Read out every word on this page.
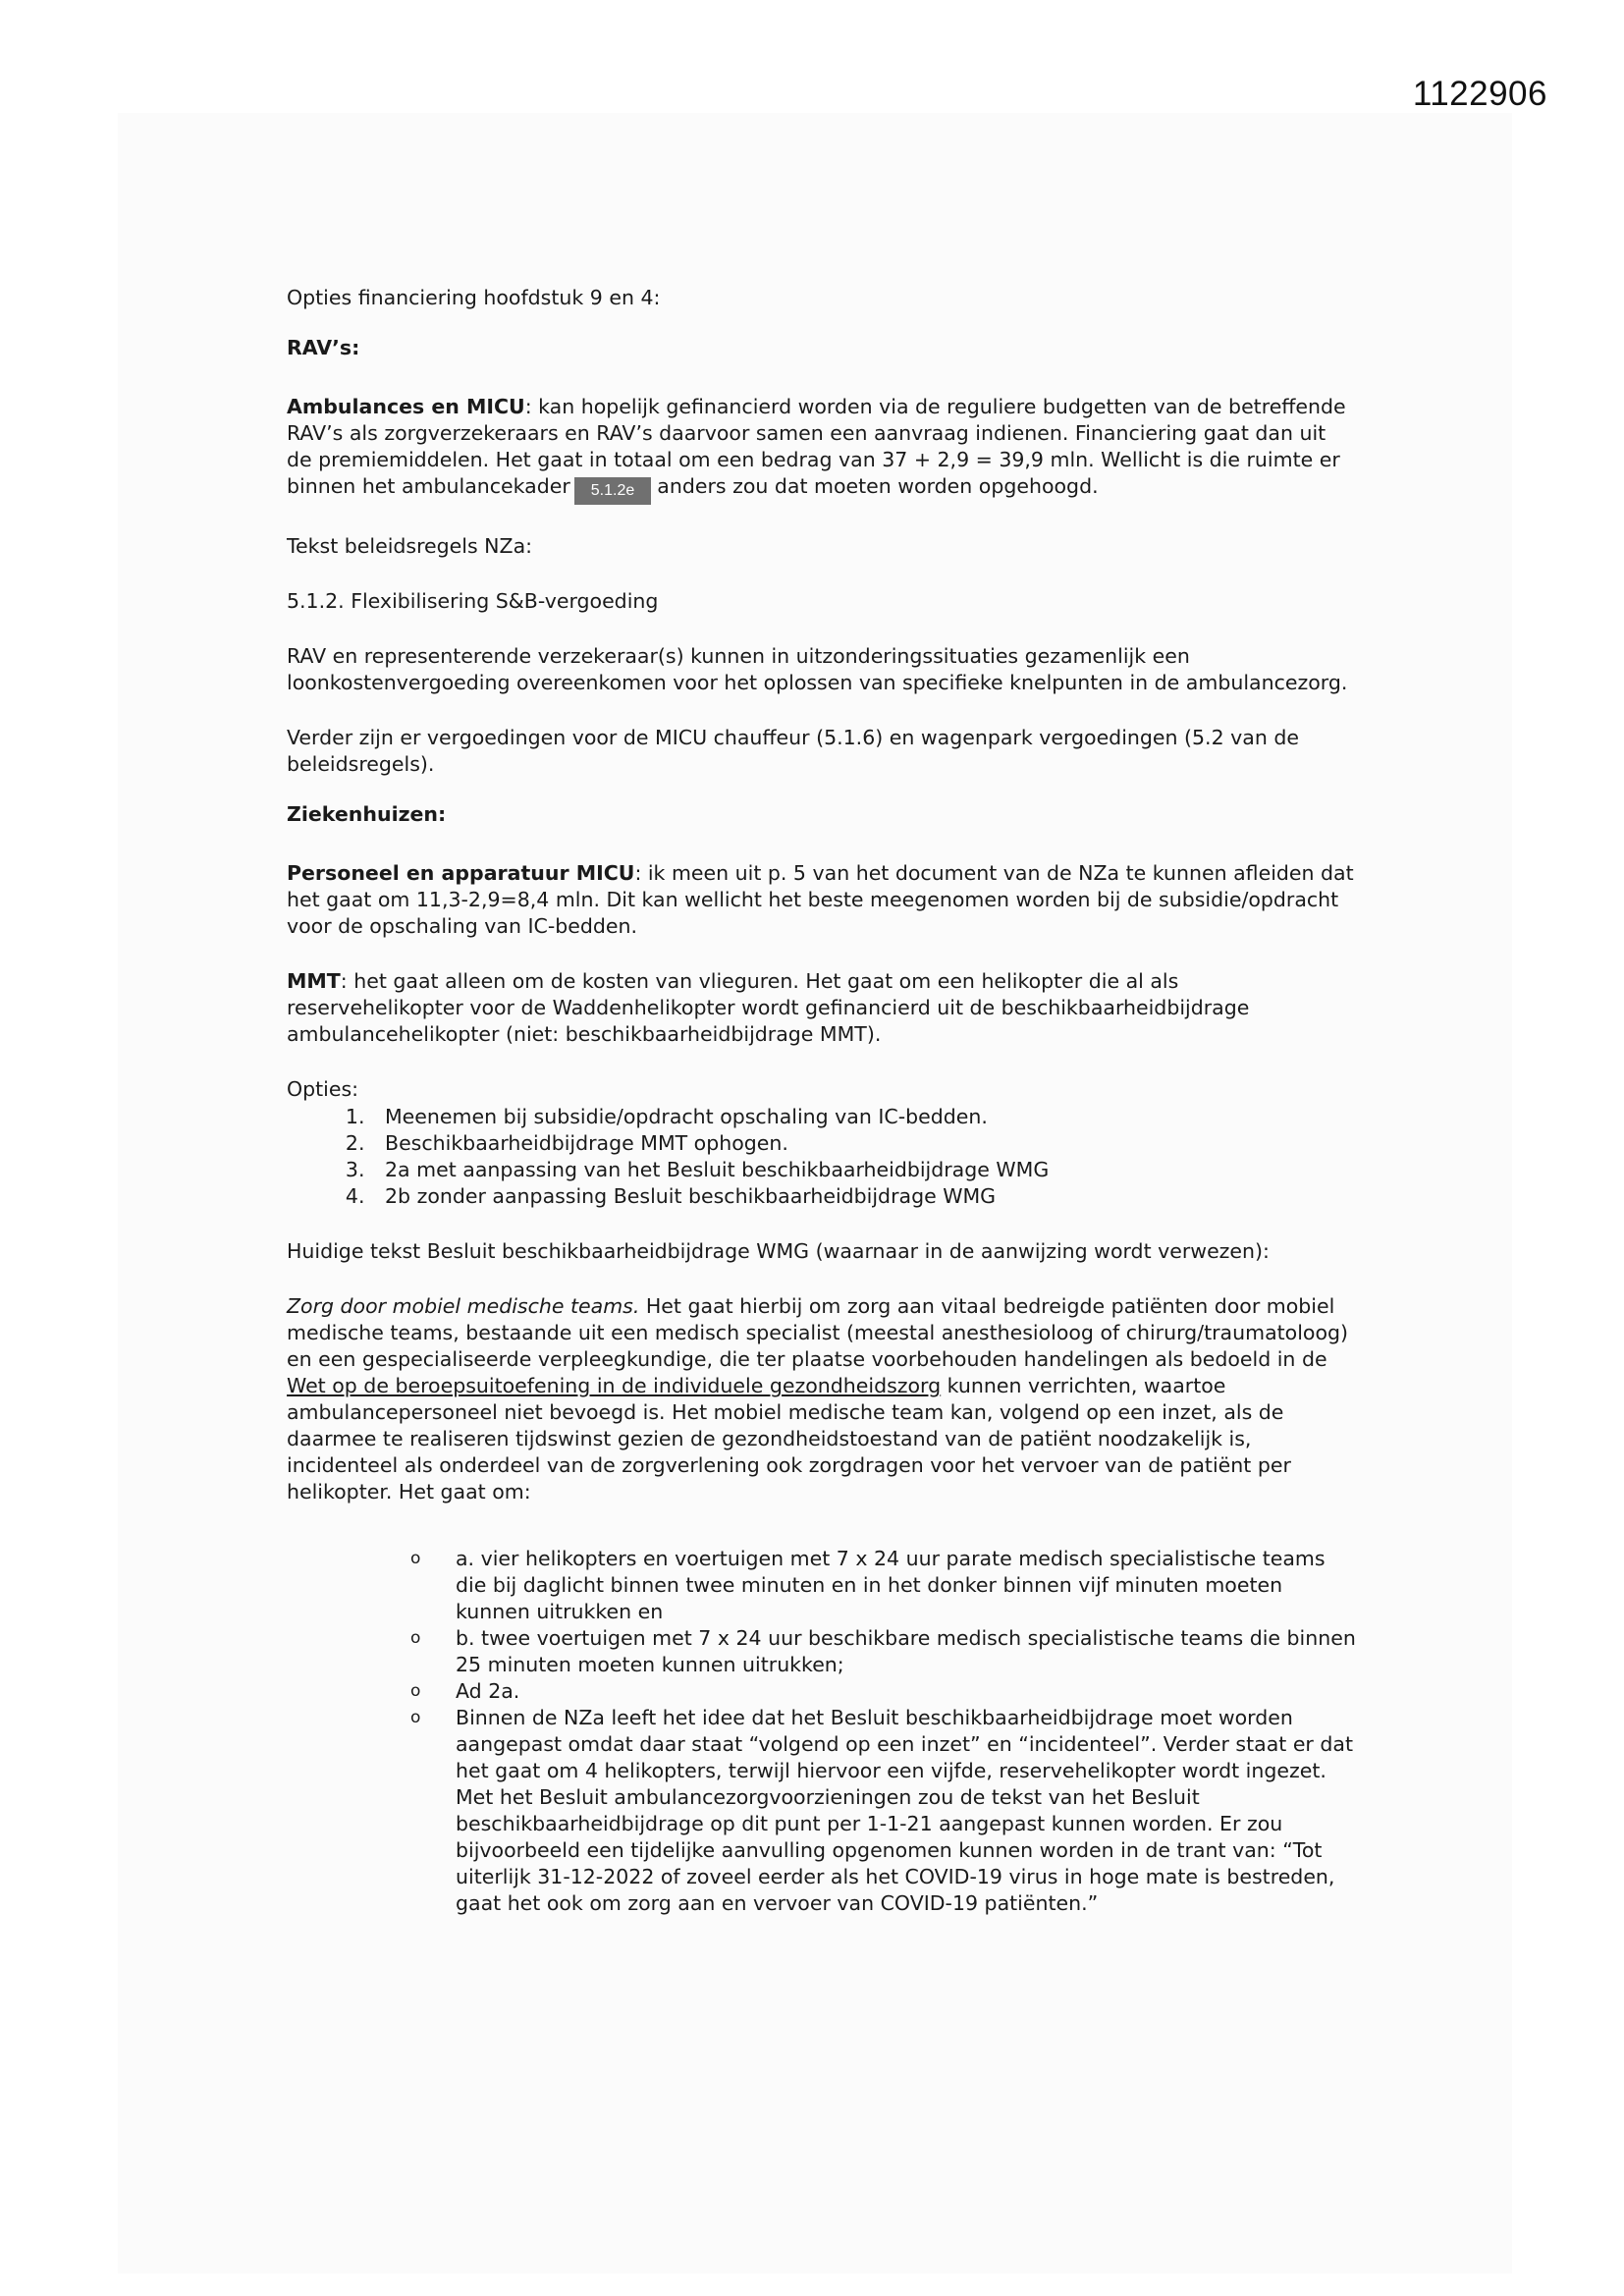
1122906

Opties financiering hoofdstuk 9 en 4:

RAV’s:

Ambulances en MICU: kan hopelijk gefinancierd worden via de reguliere budgetten van de betreffende RAV’s als zorgverzekeraars en RAV’s daarvoor samen een aanvraag indienen. Financiering gaat dan uit de premiemiddelen. Het gaat in totaal om een bedrag van 37 + 2,9 = 39,9 mln. Wellicht is die ruimte er binnen het ambulancekader 5.1.2e anders zou dat moeten worden opgehoogd.

Tekst beleidsregels NZa:

5.1.2. Flexibilisering S&B-vergoeding

RAV en representerende verzekeraar(s) kunnen in uitzonderingssituaties gezamenlijk een loonkostenvergoeding overeenkomen voor het oplossen van specifieke knelpunten in de ambulancezorg.

Verder zijn er vergoedingen voor de MICU chauffeur (5.1.6) en wagenpark vergoedingen (5.2 van de beleidsregels).

Ziekenhuizen:

Personeel en apparatuur MICU: ik meen uit p. 5 van het document van de NZa te kunnen afleiden dat het gaat om 11,3-2,9=8,4 mln. Dit kan wellicht het beste meegenomen worden bij de subsidie/opdracht voor de opschaling van IC-bedden.

MMT: het gaat alleen om de kosten van vlieguren. Het gaat om een helikopter die al als reservehelikopter voor de Waddenhelikopter wordt gefinancierd uit de beschikbaarheidbijdrage ambulancehelikopter (niet: beschikbaarheidbijdrage MMT).

Opties:

1. Meenemen bij subsidie/opdracht opschaling van IC-bedden.
2. Beschikbaarheidbijdrage MMT ophogen.
3. 2a met aanpassing van het Besluit beschikbaarheidbijdrage WMG
4. 2b zonder aanpassing Besluit beschikbaarheidbijdrage WMG

Huidige tekst Besluit beschikbaarheidbijdrage WMG (waarnaar in de aanwijzing wordt verwezen):

Zorg door mobiel medische teams. Het gaat hierbij om zorg aan vitaal bedreigde patiënten door mobiel medische teams, bestaande uit een medisch specialist (meestal anesthesioloog of chirurg/traumatoloog) en een gespecialiseerde verpleegkundige, die ter plaatse voorbehouden handelingen als bedoeld in de Wet op de beroepsuitoefening in de individuele gezondheidszorg kunnen verrichten, waartoe ambulancepersoneel niet bevoegd is. Het mobiel medische team kan, volgend op een inzet, als de daarmee te realiseren tijdswinst gezien de gezondheidstoestand van de patiënt noodzakelijk is, incidenteel als onderdeel van de zorgverlening ook zorgdragen voor het vervoer van de patiënt per helikopter. Het gaat om:

o a. vier helikopters en voertuigen met 7 x 24 uur parate medisch specialistische teams die bij daglicht binnen twee minuten en in het donker binnen vijf minuten moeten kunnen uitrukken en
o b. twee voertuigen met 7 x 24 uur beschikbare medisch specialistische teams die binnen 25 minuten moeten kunnen uitrukken;
o Ad 2a.
o Binnen de NZa leeft het idee dat het Besluit beschikbaarheidbijdrage moet worden aangepast omdat daar staat “volgend op een inzet” en “incidenteel”. Verder staat er dat het gaat om 4 helikopters, terwijl hiervoor een vijfde, reservehelikopter wordt ingezet. Met het Besluit ambulancezorgvoorzieningen zou de tekst van het Besluit beschikbaarheidbijdrage op dit punt per 1-1-21 aangepast kunnen worden. Er zou bijvoorbeeld een tijdelijke aanvulling opgenomen kunnen worden in de trant van: “Tot uiterlijk 31-12-2022 of zoveel eerder als het COVID-19 virus in hoge mate is bestreden, gaat het ook om zorg aan en vervoer van COVID-19 patiënten.”
